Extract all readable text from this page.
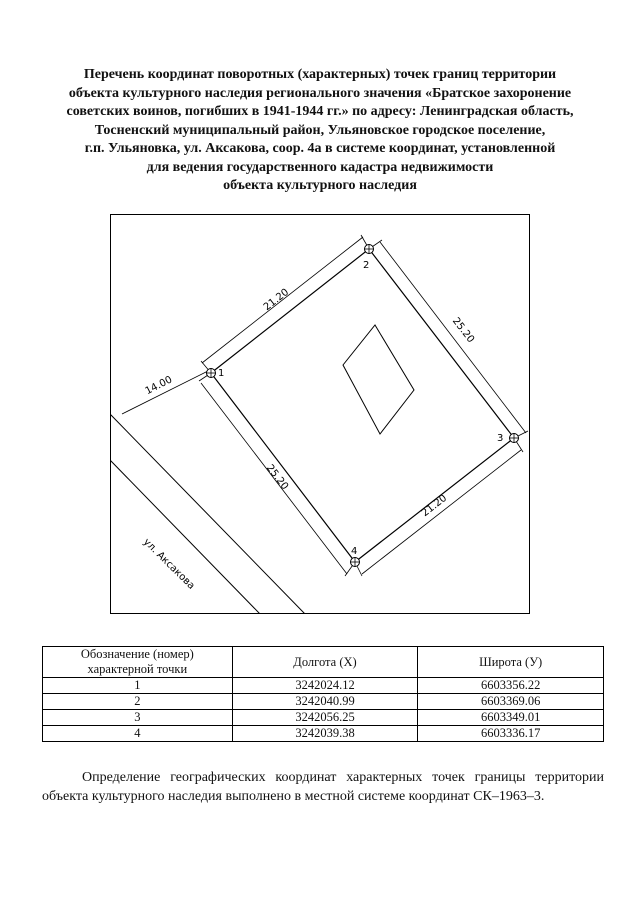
Перечень координат поворотных (характерных) точек границ территории
объекта культурного наследия регионального значения «Братское захоронение
советских воинов, погибших в 1941-1944 гг.» по адресу: Ленинградская область,
Тосненский муниципальный район, Ульяновское городское поселение,
г.п. Ульяновка, ул. Аксакова, соор. 4а в системе координат, установленной
для ведения государственного кадастра недвижимости
объекта культурного наследия
ул. Аксакова
14.00
21.20
25.20
25.20
21.20
1
2
3
4
Обозначение (номер) характерной точки	Долгота (X)	Широта (У)
1	3242024.12	6603356.22
2	3242040.99	6603369.06
3	3242056.25	6603349.01
4	3242039.38	6603336.17
Определение географических координат характерных точек границы территории объекта культурного наследия выполнено в местной системе координат СК–1963–3.
